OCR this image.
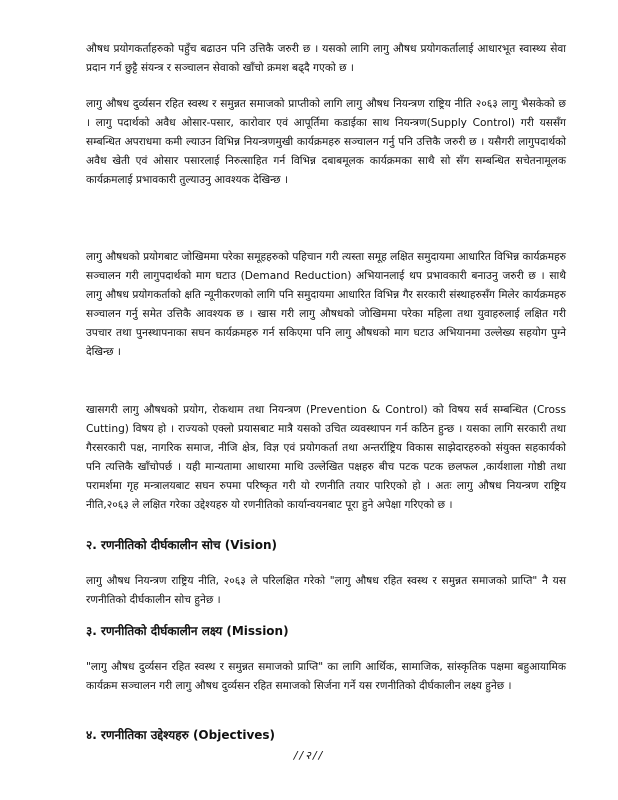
औषध प्रयोगकर्ताहरुको पहुँच बढाउन पनि उत्तिकै जरुरी छ । यसको लागि लागु औषध प्रयोगकर्तालाई आधारभूत स्वास्थ्य सेवा प्रदान गर्न छुट्टै संयन्त्र र सञ्चालन सेवाको खाँचो क्रमश बढ्दै गएको छ ।

लागु औषध दुर्व्यसन रहित स्वस्थ र समुन्नत समाजको प्राप्तीको लागि लागु औषध नियन्त्रण राष्ट्रिय नीति २०६३ लागु भैसकेको छ । लागु पदार्थको अवैध ओसार-पसार, कारोवार एवं आपूर्तिमा कडाईका साथ नियन्त्रण(Supply Control) गरी यससँग सम्बन्धित अपराधमा कमी ल्याउन विभिन्न नियन्त्रणमुखी कार्यक्रमहरु सञ्चालन गर्नु पनि उत्तिकै जरुरी छ । यसैगरी लागुपदार्थको अवैध खेती एवं ओसार पसारलाई निरुत्साहित गर्न विभिन्न दबाबमूलक कार्यक्रमका साथै सो सँग सम्बन्धित सचेतनामूलक कार्यक्रमलाई प्रभावकारी तुल्याउनु आवश्यक देखिन्छ ।

लागु औषधको प्रयोगबाट जोखिममा परेका समूहहरुको पहिचान गरी त्यस्ता समूह लक्षित समुदायमा आधारित विभिन्न कार्यक्रमहरु सञ्चालन गरी लागुपदार्थको माग घटाउ (Demand Reduction) अभियानलाई थप प्रभावकारी बनाउनु जरुरी छ । साथै लागु औषध प्रयोगकर्ताको क्षति न्यूनीकरणको लागि पनि समुदायमा आधारित विभिन्न गैर सरकारी संस्थाहरुसँग मिलेर कार्यक्रमहरु सञ्चालन गर्नु समेत उत्तिकै आवश्यक छ । खास गरी लागु औषधको जोखिममा परेका महिला तथा युवाहरुलाई लक्षित गरी उपचार तथा पुनस्थापनाका सघन कार्यक्रमहरु गर्न सकिएमा पनि लागु औषधको माग घटाउ अभियानमा उल्लेख्य सहयोग पुग्ने देखिन्छ ।

खासगरी लागु औषधको प्रयोग, रोकथाम तथा नियन्त्रण (Prevention & Control) को विषय सर्व सम्बन्धित (Cross Cutting) विषय हो । राज्यको एक्लो प्रयासबाट मात्रै यसको उचित व्यवस्थापन गर्न कठिन हुन्छ । यसका लागि सरकारी तथा गैरसरकारी पक्ष, नागरिक समाज, नीजि क्षेत्र, विज्ञ एवं प्रयोगकर्ता तथा अन्तर्राष्ट्रिय विकास साझेदारहरुको संयुक्त सहकार्यको पनि त्यत्तिकै खाँचोपर्छ । यही मान्यतामा आधारमा माथि उल्लेखित पक्षहरु बीच पटक पटक छलफल ,कार्यशाला गोष्ठी तथा परामर्शमा गृह मन्त्रालयबाट सघन रुपमा परिष्कृत गरी यो रणनीति तयार पारिएको हो । अतः लागु औषध नियन्त्रण राष्ट्रिय नीति,२०६३ ले लक्षित गरेका उद्देश्यहरु यो रणनीतिको कार्यान्वयनबाट पूरा हुने अपेक्षा गरिएको छ ।

२. रणनीतिको दीर्घकालीन सोच (Vision)

लागु औषध नियन्त्रण राष्ट्रिय नीति, २०६३ ले परिलक्षित गरेको "लागु औषध रहित स्वस्थ र समुन्नत समाजको प्राप्ति" नै यस रणनीतिको दीर्घकालीन सोच हुनेछ ।

३. रणनीतिको दीर्घकालीन लक्ष्य (Mission)

"लागु औषध दुर्व्यसन रहित स्वस्थ र समुन्नत समाजको प्राप्ति" का लागि आर्थिक, सामाजिक, सांस्कृतिक पक्षमा बहुआयामिक कार्यक्रम सञ्चालन गरी लागु औषध दुर्व्यसन रहित समाजको सिर्जना गर्ने यस रणनीतिको दीर्घकालीन लक्ष्य हुनेछ ।

४. रणनीतिका उद्देश्यहरु (Objectives)
//२//
